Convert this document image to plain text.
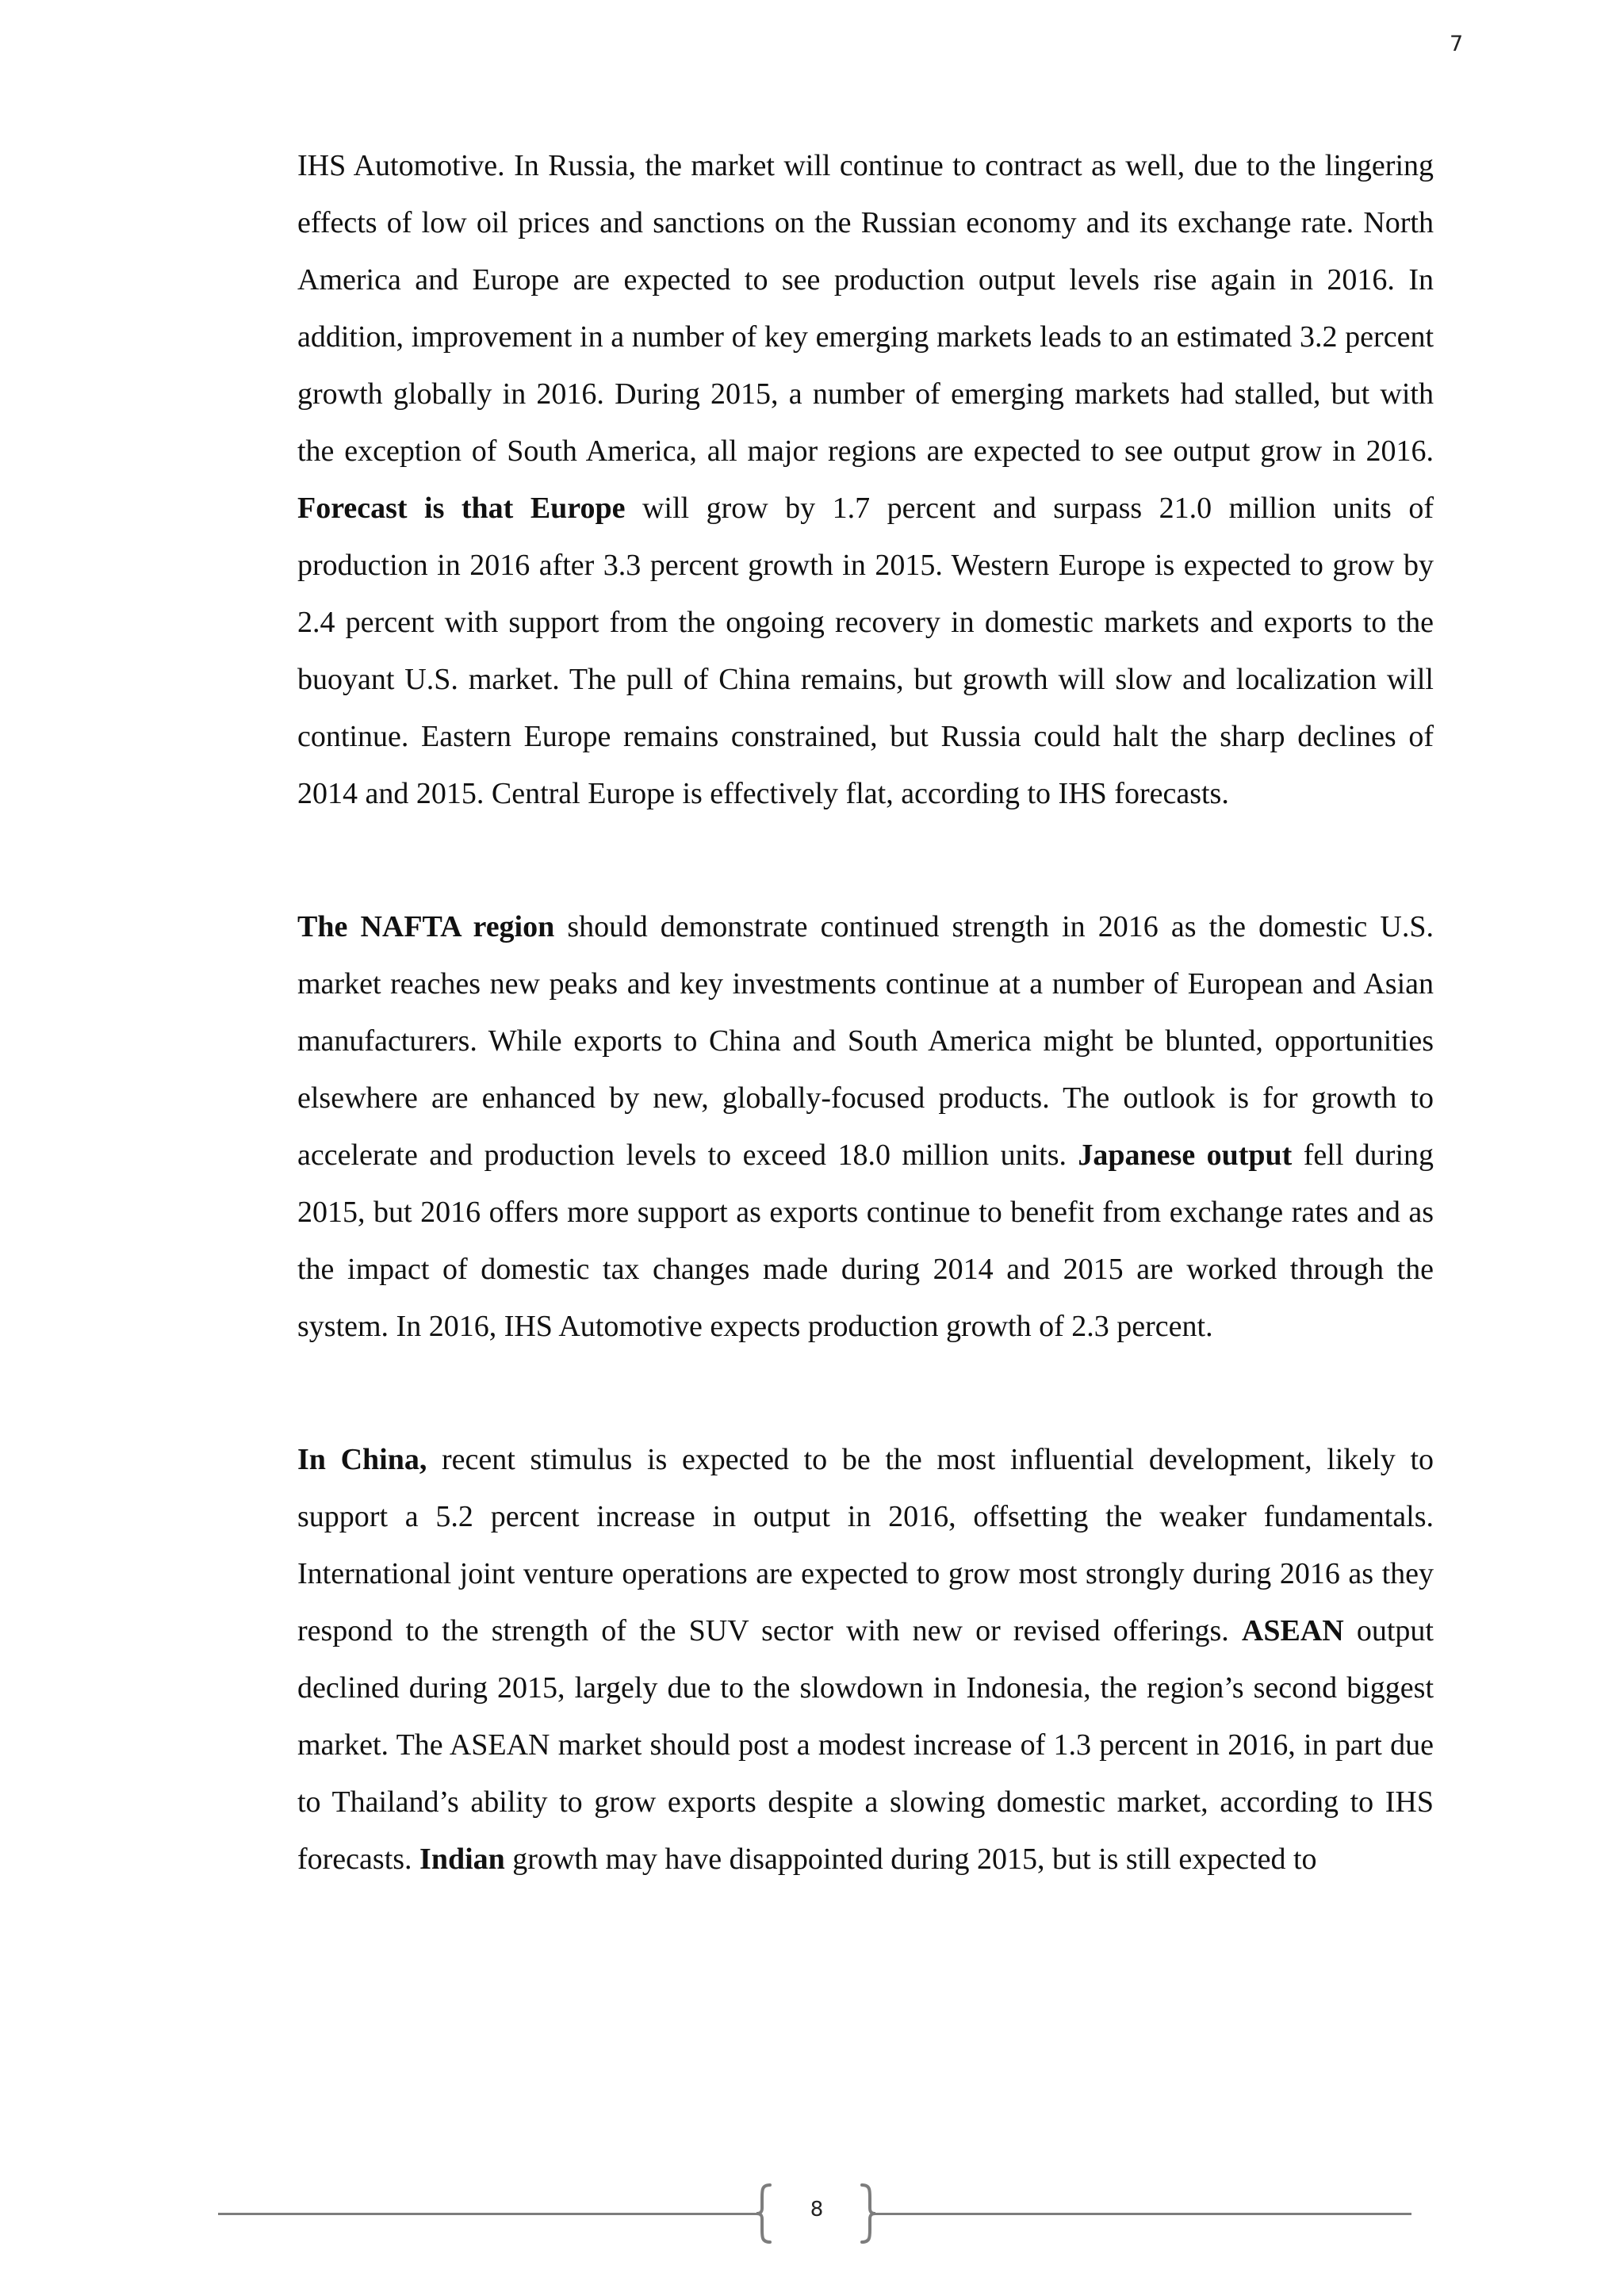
7

IHS Automotive. In Russia, the market will continue to contract as well, due to the lingering effects of low oil prices and sanctions on the Russian economy and its exchange rate. North America and Europe are expected to see production output levels rise again in 2016. In addition, improvement in a number of key emerging markets leads to an estimated 3.2 percent growth globally in 2016. During 2015, a number of emerging markets had stalled, but with the exception of South America, all major regions are expected to see output grow in 2016. Forecast is that Europe will grow by 1.7 percent and surpass 21.0 million units of production in 2016 after 3.3 percent growth in 2015. Western Europe is expected to grow by 2.4 percent with support from the ongoing recovery in domestic markets and exports to the buoyant U.S. market. The pull of China remains, but growth will slow and localization will continue. Eastern Europe remains constrained, but Russia could halt the sharp declines of 2014 and 2015. Central Europe is effectively flat, according to IHS forecasts.

The NAFTA region should demonstrate continued strength in 2016 as the domestic U.S. market reaches new peaks and key investments continue at a number of European and Asian manufacturers. While exports to China and South America might be blunted, opportunities elsewhere are enhanced by new, globally-focused products. The outlook is for growth to accelerate and production levels to exceed 18.0 million units. Japanese output fell during 2015, but 2016 offers more support as exports continue to benefit from exchange rates and as the impact of domestic tax changes made during 2014 and 2015 are worked through the system. In 2016, IHS Automotive expects production growth of 2.3 percent.

In China, recent stimulus is expected to be the most influential development, likely to support a 5.2 percent increase in output in 2016, offsetting the weaker fundamentals. International joint venture operations are expected to grow most strongly during 2016 as they respond to the strength of the SUV sector with new or revised offerings. ASEAN output declined during 2015, largely due to the slowdown in Indonesia, the region’s second biggest market. The ASEAN market should post a modest increase of 1.3 percent in 2016, in part due to Thailand’s ability to grow exports despite a slowing domestic market, according to IHS forecasts. Indian growth may have disappointed during 2015, but is still expected to

8
